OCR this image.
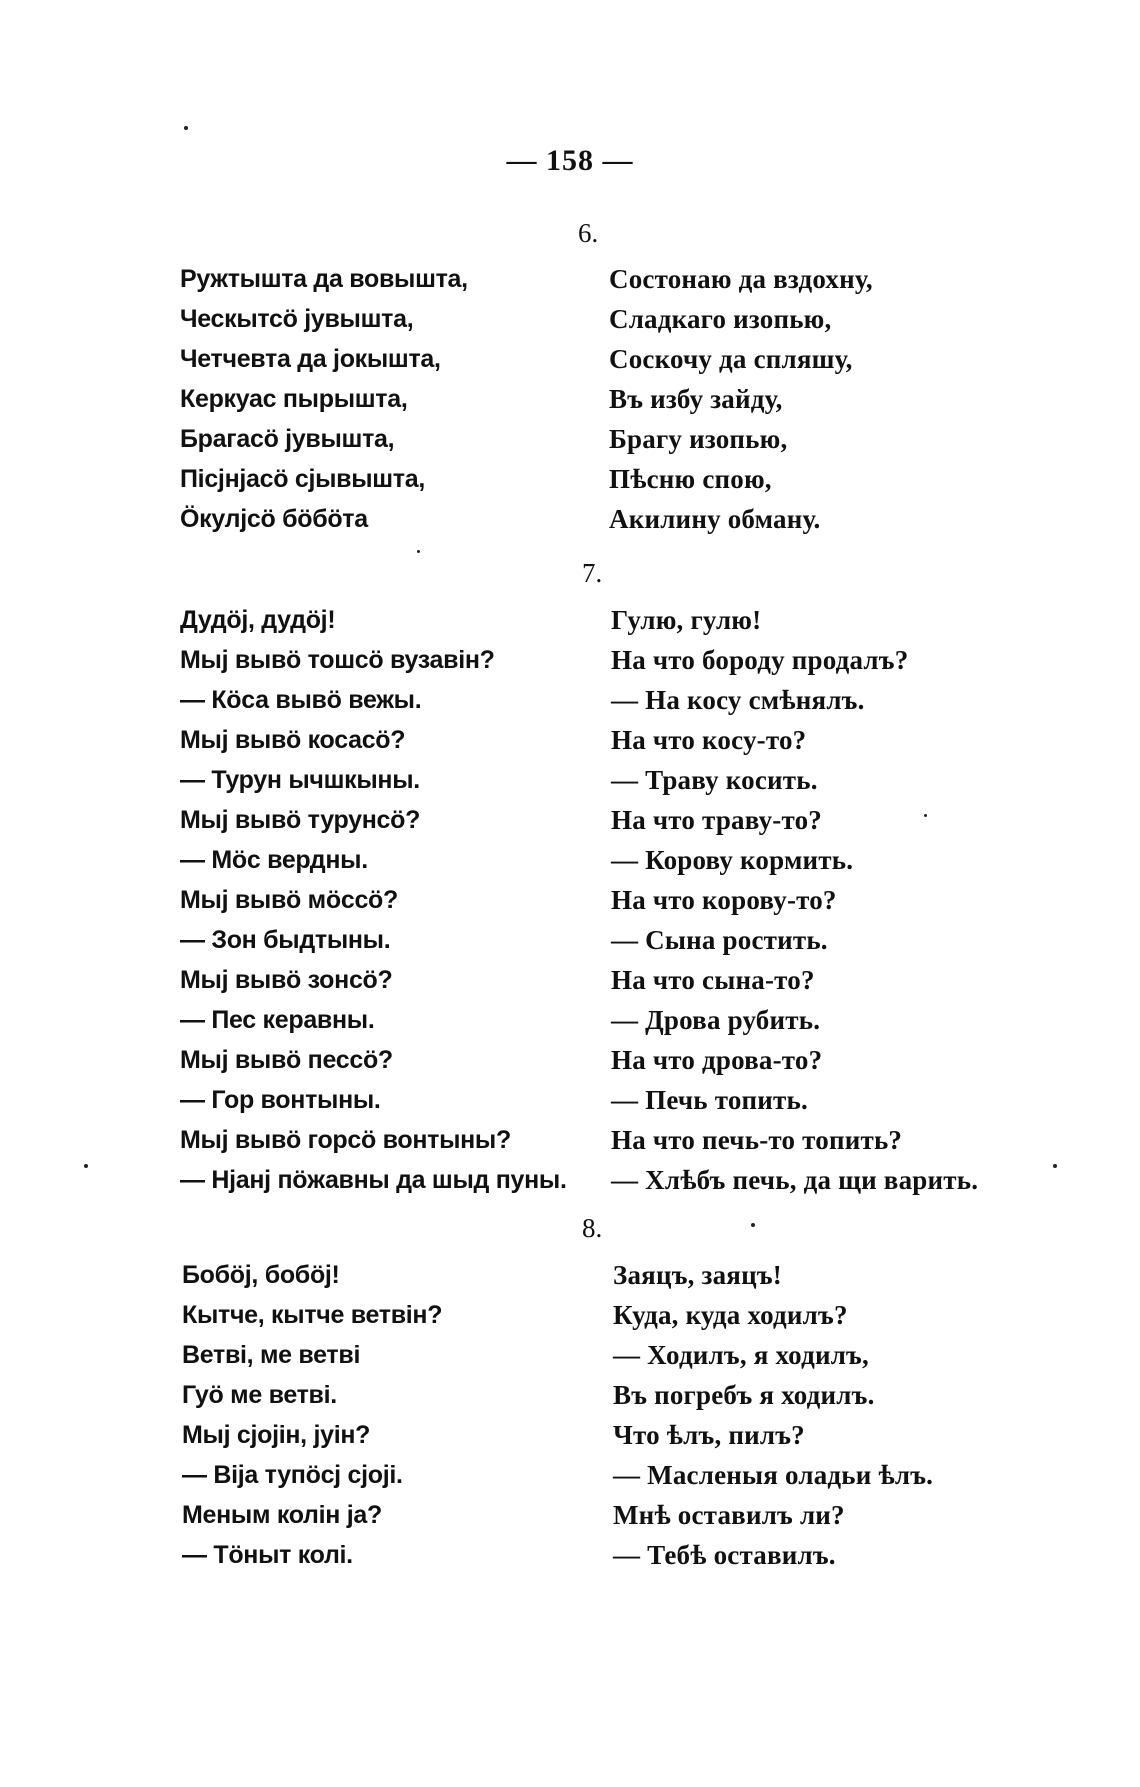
— 158 —
6.
Ружтышта да вовышта,
Ческытсӧ јувышта,
Четчевта да јокышта,
Керкуас пырышта,
Брагасӧ јувышта,
Пiсјнјасӧ сјывышта,
Ӧкулјсӧ бӧбӧта
Состонаю да вздохну,
Сладкаго изопью,
Соскочу да спляшу,
Въ избу зайду,
Брагу изопью,
Пѣсню спою,
Акилину обману.
7.
Дудӧј, дудӧј!
Мыј вывӧ тошсӧ вузавiн?
— Кӧса вывӧ вежы.
Мыј вывӧ косасӧ?
— Турун ычшкыны.
Мыј вывӧ турунсӧ?
— Мӧс вердны.
Мыј вывӧ мӧссӧ?
— Зон быдтыны.
Мыј вывӧ зонсӧ?
— Пес керавны.
Мыј вывӧ пессӧ?
— Гор вонтыны.
Мыј вывӧ горсӧ вонтыны?
— Нјанј пӧжавны да шыд пуны.
Гулю, гулю!
На что бороду продалъ?
— На косу смѣнялъ.
На что косу-то?
— Траву косить.
На что траву-то?
— Корову кормить.
На что корову-то?
— Сына ростить.
На что сына-то?
— Дрова рубить.
На что дрова-то?
— Печь топить.
На что печь-то топить?
— Хлѣбъ печь, да щи варить.
8.
Бобӧј, бобӧј!
Кытче, кытче ветвiн?
Ветвi, ме ветвi
Гуӧ ме ветвi.
Мыј сјојiн, јуiн?
— Вiја тупӧсј сјојi.
Меным колiн ја?
— Тӧныт колi.
Заяцъ, заяцъ!
Куда, куда ходилъ?
— Ходилъ, я ходилъ,
Въ погребъ я ходилъ.
Что ѣлъ, пилъ?
— Масленыя оладьи ѣлъ.
Мнѣ оставилъ ли?
— Тебѣ оставилъ.
